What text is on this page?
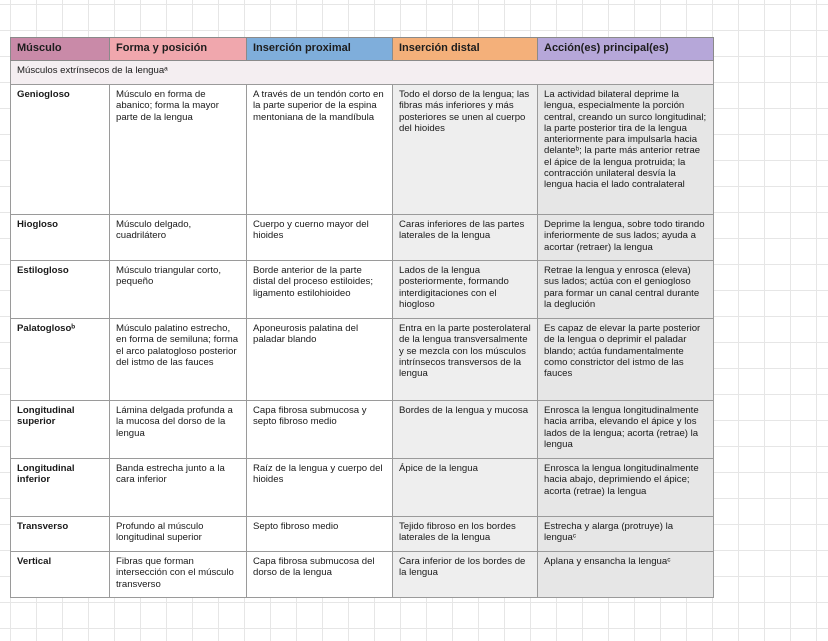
Músculo	Forma y posición	Inserción proximal	Inserción distal	Acción(es) principal(es)
Músculos extrínsecos de la lenguaᵃ				
Geniogloso	Músculo en forma de abanico; forma la mayor parte de la lengua	A través de un tendón corto en la parte superior de la espina mentoniana de la mandíbula	Todo el dorso de la lengua; las fibras más inferiores y más posteriores se unen al cuerpo del hioides	La actividad bilateral deprime la lengua, especialmente la porción central, creando un surco longitudinal; la parte posterior tira de la lengua anteriormente para impulsarla hacia delanteᵇ; la parte más anterior retrae el ápice de la lengua protruida; la contracción unilateral desvía la lengua hacia el lado contralateral
Hiogloso	Músculo delgado, cuadrilátero	Cuerpo y cuerno mayor del hioides	Caras inferiores de las partes laterales de la lengua	Deprime la lengua, sobre todo tirando inferiormente de sus lados; ayuda a acortar (retraer) la lengua
Estilogloso	Músculo triangular corto, pequeño	Borde anterior de la parte distal del proceso estiloides; ligamento estilohioideo	Lados de la lengua posteriormente, formando interdigitaciones con el hiogloso	Retrae la lengua y enrosca (eleva) sus lados; actúa con el geniogloso para formar un canal central durante la deglución
Palatoglosoᵇ	Músculo palatino estrecho, en forma de semiluna; forma el arco palatogloso posterior del istmo de las fauces	Aponeurosis palatina del paladar blando	Entra en la parte posterolateral de la lengua transversalmente y se mezcla con los músculos intrínsecos transversos de la lengua	Es capaz de elevar la parte posterior de la lengua o deprimir el paladar blando; actúa fundamentalmente como constrictor del istmo de las fauces
Longitudinal superior	Lámina delgada profunda a la mucosa del dorso de la lengua	Capa fibrosa submucosa y septo fibroso medio	Bordes de la lengua y mucosa	Enrosca la lengua longitudinalmente hacia arriba, elevando el ápice y los lados de la lengua; acorta (retrae) la lengua
Longitudinal inferior	Banda estrecha junto a la cara inferior	Raíz de la lengua y cuerpo del hioides	Ápice de la lengua	Enrosca la lengua longitudinalmente hacia abajo, deprimiendo el ápice; acorta (retrae) la lengua
Transverso	Profundo al músculo longitudinal superior	Septo fibroso medio	Tejido fibroso en los bordes laterales de la lengua	Estrecha y alarga (protruye) la lenguaᶜ
Vertical	Fibras que forman intersección con el músculo transverso	Capa fibrosa submucosa del dorso de la lengua	Cara inferior de los bordes de la lengua	Aplana y ensancha la lenguaᶜ
